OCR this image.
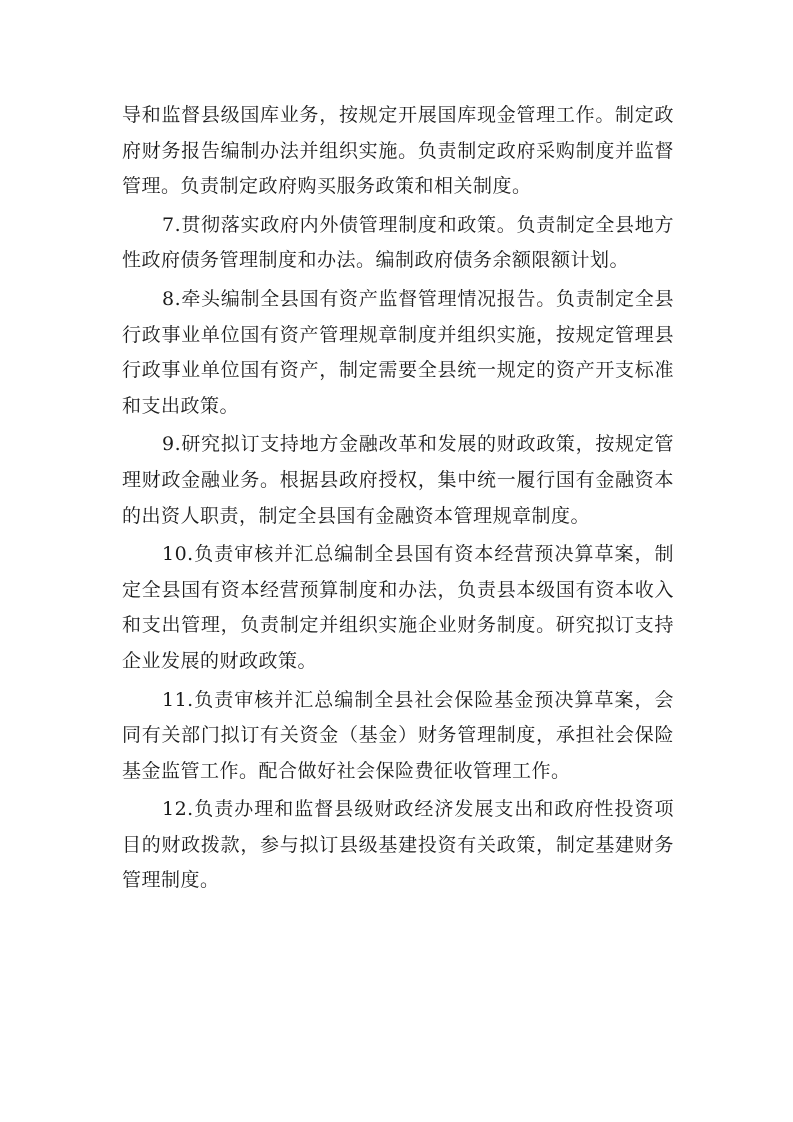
导和监督县级国库业务，按规定开展国库现金管理工作。制定政府财务报告编制办法并组织实施。负责制定政府采购制度并监督管理。负责制定政府购买服务政策和相关制度。

7.贯彻落实政府内外债管理制度和政策。负责制定全县地方性政府债务管理制度和办法。编制政府债务余额限额计划。

8.牵头编制全县国有资产监督管理情况报告。负责制定全县行政事业单位国有资产管理规章制度并组织实施，按规定管理县行政事业单位国有资产，制定需要全县统一规定的资产开支标准和支出政策。

9.研究拟订支持地方金融改革和发展的财政政策，按规定管理财政金融业务。根据县政府授权，集中统一履行国有金融资本的出资人职责，制定全县国有金融资本管理规章制度。

10.负责审核并汇总编制全县国有资本经营预决算草案，制定全县国有资本经营预算制度和办法，负责县本级国有资本收入和支出管理，负责制定并组织实施企业财务制度。研究拟订支持企业发展的财政政策。

11.负责审核并汇总编制全县社会保险基金预决算草案，会同有关部门拟订有关资金（基金）财务管理制度，承担社会保险基金监管工作。配合做好社会保险费征收管理工作。

12.负责办理和监督县级财政经济发展支出和政府性投资项目的财政拨款，参与拟订县级基建投资有关政策，制定基建财务管理制度。
